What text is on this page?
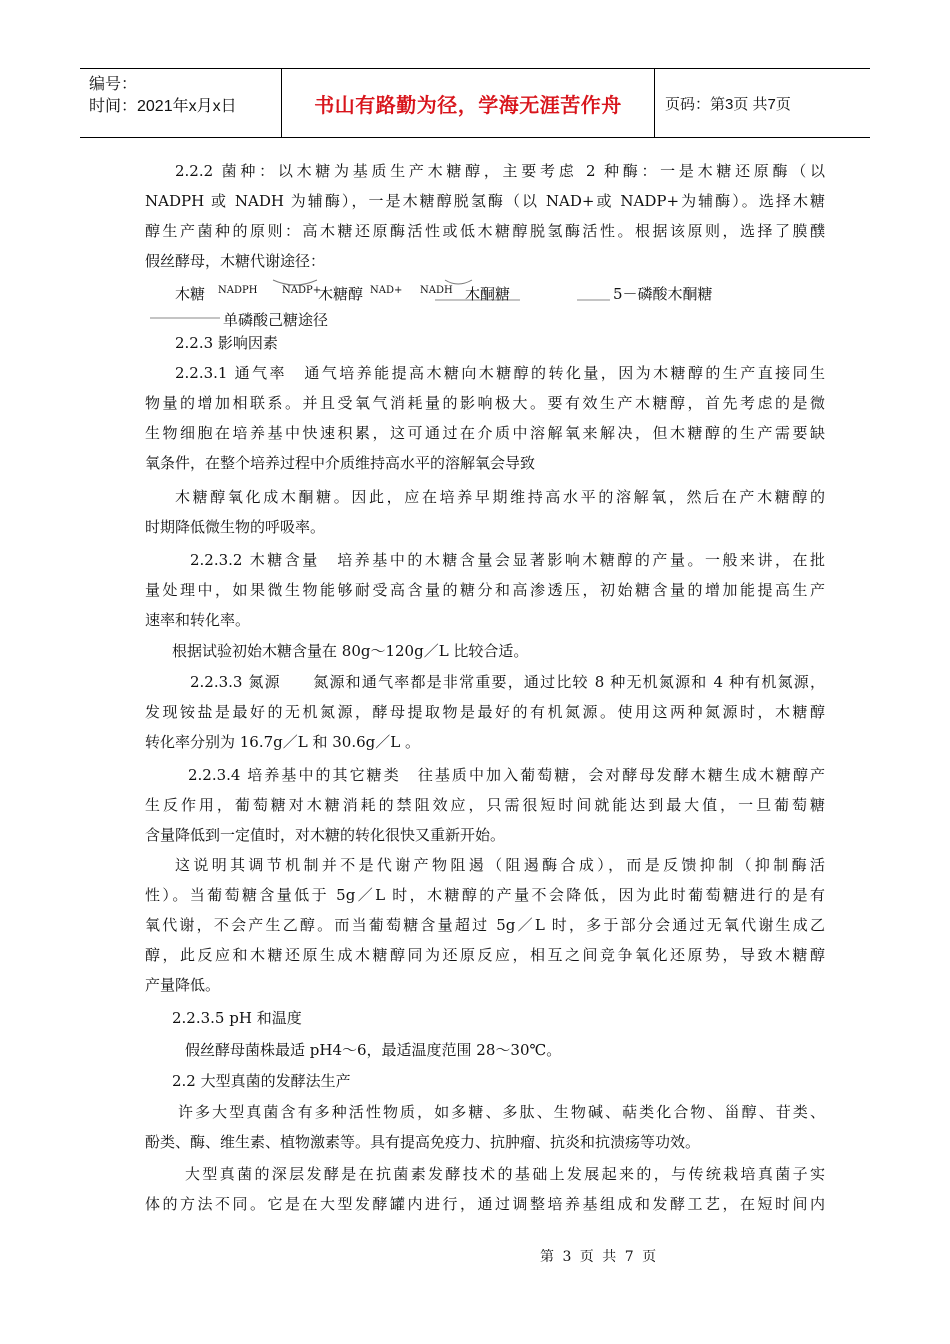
编号：
时间：2021年x月x日	书山有路勤为径，学海无涯苦作舟	页码：第3页 共7页
2.2.2 菌种：以木糖为基质生产木糖醇，主要考虑 2 种酶：一是木糖还原酶（以
NADPH 或 NADH 为辅酶），一是木糖醇脱氢酶（以 NAD+或 NADP+为辅酶）。选择木糖
醇生产菌种的原则：高木糖还原酶活性或低木糖醇脱氢酶活性。根据该原则，选择了膜醭
假丝酵母，木糖代谢途径：
木糖 NADPH NADP+
木糖醇 NAD+ NADH 木酮糖	5－磷酸木酮糖
单磷酸己糖途径
2.2.3 影响因素
2.2.3.1 通气率　通气培养能提高木糖向木糖醇的转化量，因为木糖醇的生产直接同生
物量的增加相联系。并且受氧气消耗量的影响极大。要有效生产木糖醇，首先考虑的是微
生物细胞在培养基中快速积累，这可通过在介质中溶解氧来解决，但木糖醇的生产需要缺
氧条件，在整个培养过程中介质维持高水平的溶解氧会导致
木糖醇氧化成木酮糖。因此，应在培养早期维持高水平的溶解氧，然后在产木糖醇的
时期降低微生物的呼吸率。
2.2.3.2 木糖含量　培养基中的木糖含量会显著影响木糖醇的产量。一般来讲，在批
量处理中，如果微生物能够耐受高含量的糖分和高渗透压，初始糖含量的增加能提高生产
速率和转化率。
根据试验初始木糖含量在 80g～120g／L 比较合适。
2.2.3.3 氮源　　氮源和通气率都是非常重要，通过比较 8 种无机氮源和 4 种有机氮源，
发现铵盐是最好的无机氮源，酵母提取物是最好的有机氮源。使用这两种氮源时，木糖醇
转化率分别为 16.7g／L 和 30.6g／L 。
2.2.3.4 培养基中的其它糖类　往基质中加入葡萄糖，会对酵母发酵木糖生成木糖醇产
生反作用，葡萄糖对木糖消耗的禁阻效应，只需很短时间就能达到最大值，一旦葡萄糖
含量降低到一定值时，对木糖的转化很快又重新开始。
这说明其调节机制并不是代谢产物阻遏（阻遏酶合成），而是反馈抑制（抑制酶活
性）。当葡萄糖含量低于 5g／L 时，木糖醇的产量不会降低，因为此时葡萄糖进行的是有
氧代谢，不会产生乙醇。而当葡萄糖含量超过 5g／L 时，多于部分会通过无氧代谢生成乙
醇，此反应和木糖还原生成木糖醇同为还原反应，相互之间竞争氧化还原势，导致木糖醇
产量降低。
2.2.3.5 pH 和温度
假丝酵母菌株最适 pH4～6，最适温度范围 28～30℃。
2.2 大型真菌的发酵法生产
许多大型真菌含有多种活性物质，如多糖、多肽、生物碱、萜类化合物、甾醇、苷类、
酚类、酶、维生素、植物激素等。具有提高免疫力、抗肿瘤、抗炎和抗溃疡等功效。
大型真菌的深层发酵是在抗菌素发酵技术的基础上发展起来的，与传统栽培真菌子实
体的方法不同。它是在大型发酵罐内进行，通过调整培养基组成和发酵工艺，在短时间内
第 3 页 共 7 页
